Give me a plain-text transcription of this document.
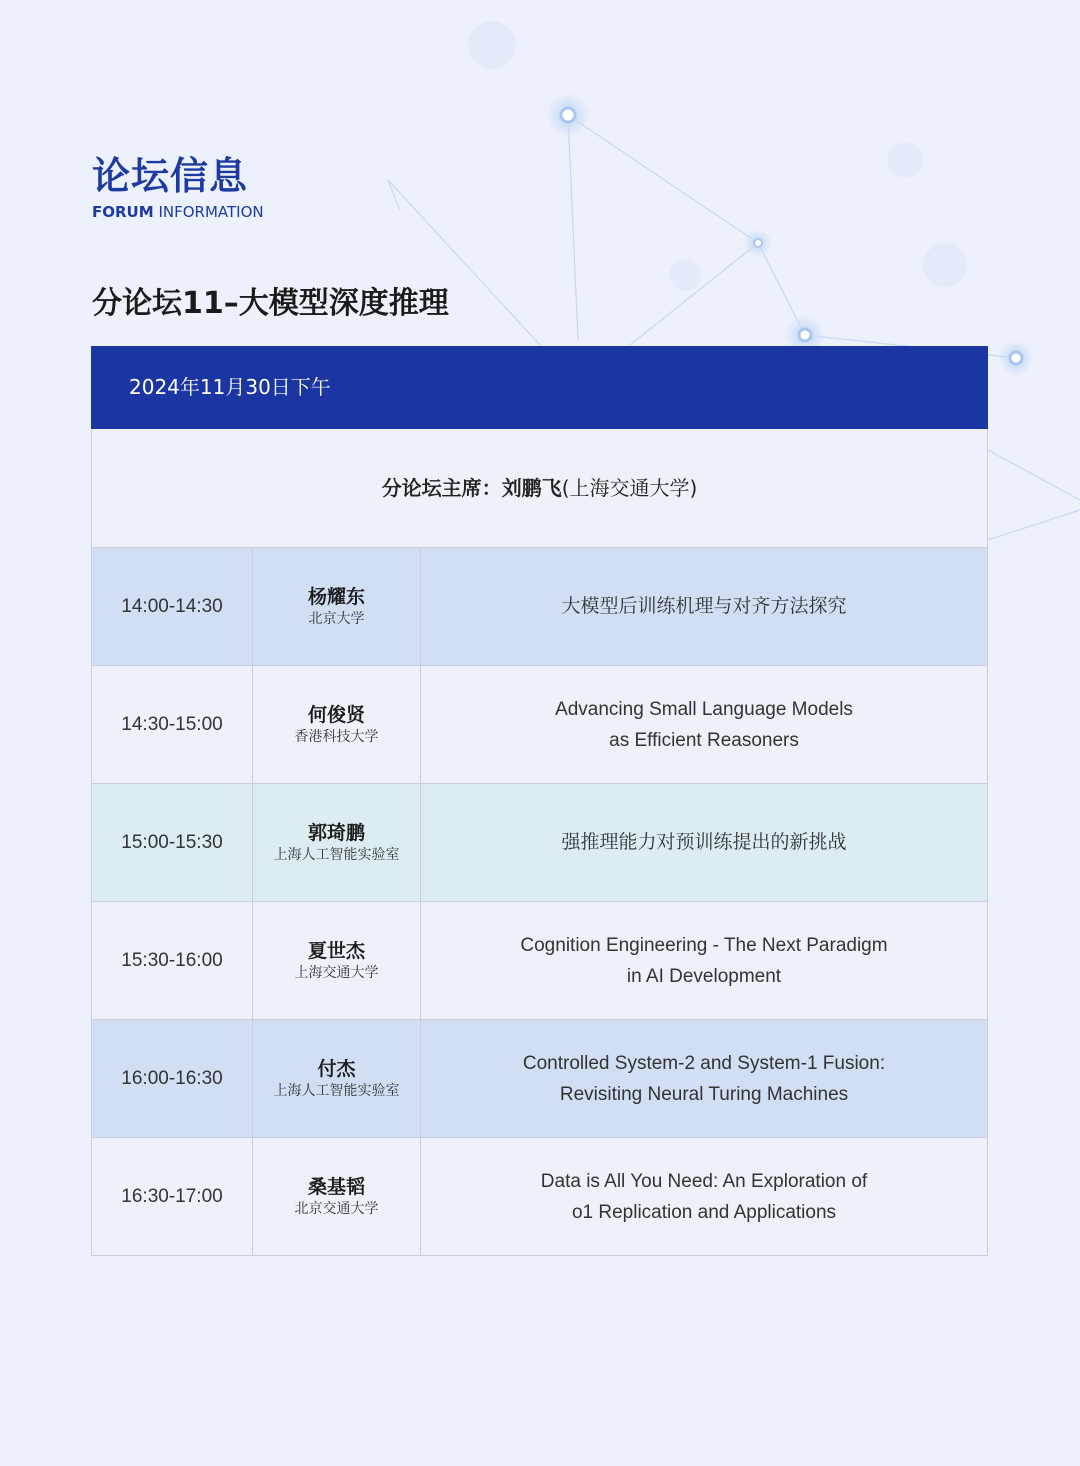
论坛信息
FORUM INFORMATION
分论坛11–大模型深度推理
2024年11月30日下午
分论坛主席：刘鹏飞(上海交通大学)
14:00-14:30	杨耀东
北京大学
大模型后训练机理与对齐方法探究
14:30-15:00	何俊贤
香港科技大学
Advancing Small Language Models
as Efficient Reasoners
15:00-15:30	郭琦鹏
上海人工智能实验室
强推理能力对预训练提出的新挑战
15:30-16:00	夏世杰
上海交通大学
Cognition Engineering - The Next Paradigm
in AI Development
16:00-16:30	付杰
上海人工智能实验室
Controlled System-2 and System-1 Fusion:
Revisiting Neural Turing Machines
16:30-17:00	桑基韬
北京交通大学
Data is All You Need: An Exploration of
o1 Replication and Applications
